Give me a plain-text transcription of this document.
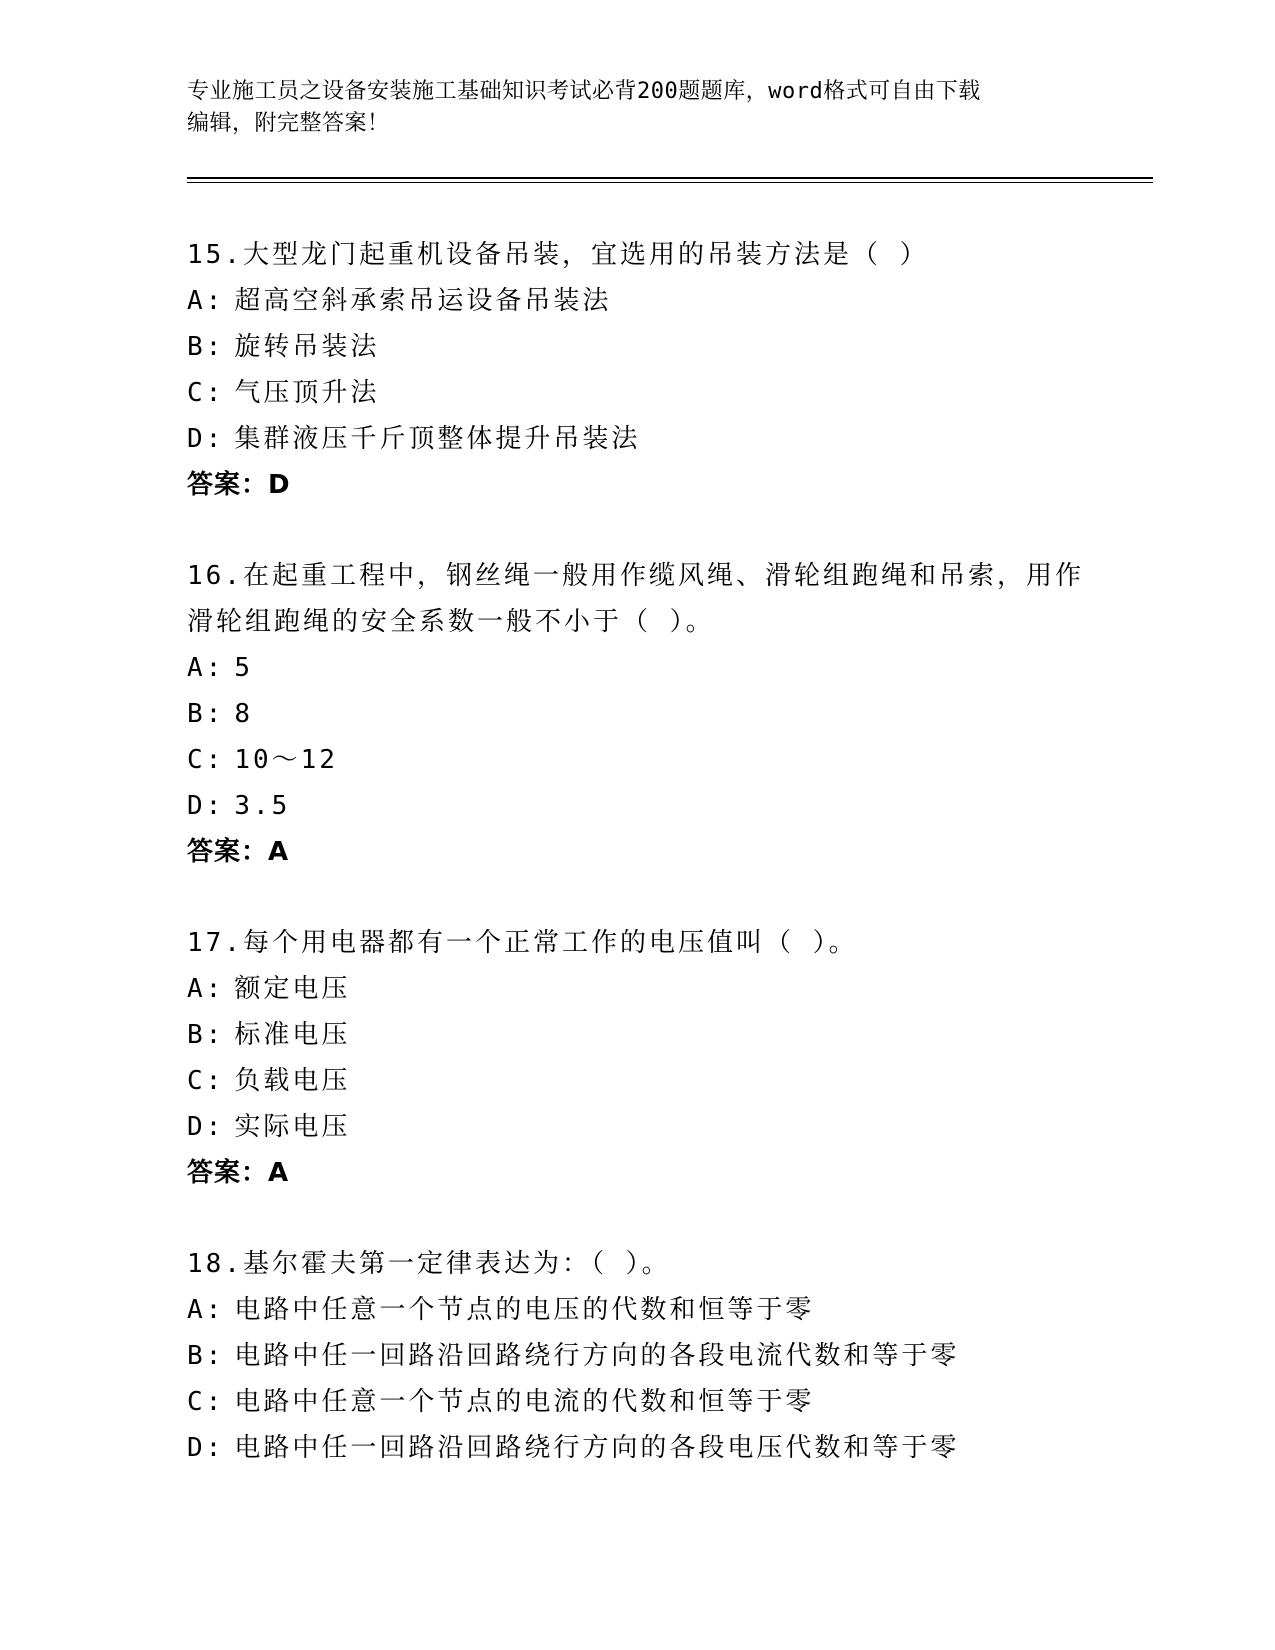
专业施工员之设备安装施工基础知识考试必背200题题库，word格式可自由下载
编辑，附完整答案！
15.大型龙门起重机设备吊装，宜选用的吊装方法是（ ）
A: 超高空斜承索吊运设备吊装法
B: 旋转吊装法
C: 气压顶升法
D: 集群液压千斤顶整体提升吊装法
答案：D
16.在起重工程中，钢丝绳一般用作缆风绳、滑轮组跑绳和吊索，用作
滑轮组跑绳的安全系数一般不小于（ ）。
A: 5
B: 8
C: 10～12
D: 3.5
答案：A
17.每个用电器都有一个正常工作的电压值叫（ ）。
A: 额定电压
B: 标准电压
C: 负载电压
D: 实际电压
答案：A
18.基尔霍夫第一定律表达为：（ ）。
A: 电路中任意一个节点的电压的代数和恒等于零
B: 电路中任一回路沿回路绕行方向的各段电流代数和等于零
C: 电路中任意一个节点的电流的代数和恒等于零
D: 电路中任一回路沿回路绕行方向的各段电压代数和等于零
